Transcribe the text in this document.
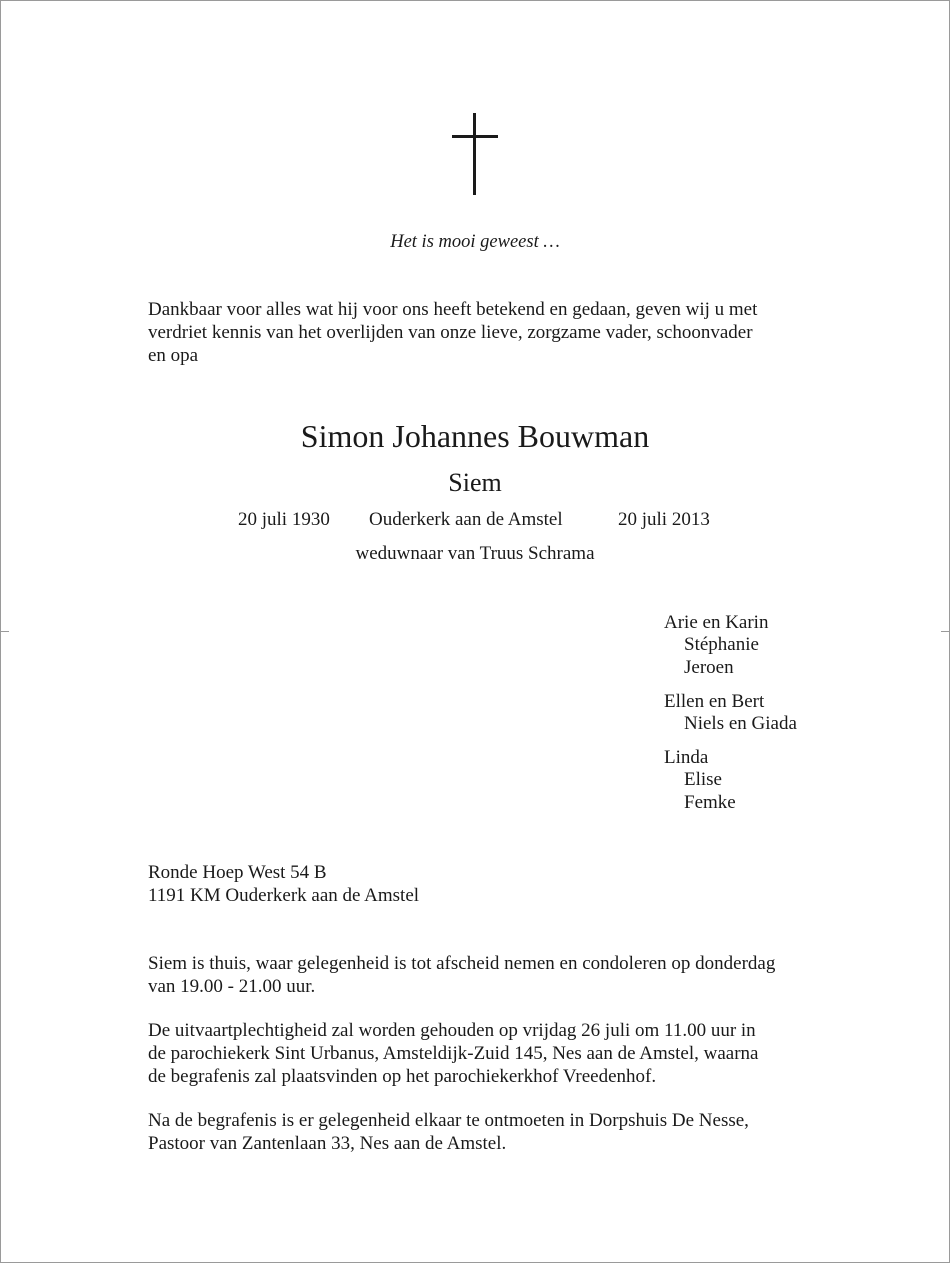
Het is mooi geweest …
Dankbaar voor alles wat hij voor ons heeft betekend en gedaan, geven wij u met
verdriet kennis van het overlijden van onze lieve, zorgzame vader, schoonvader
en opa
Simon Johannes Bouwman
Siem
20 juli 1930 Ouderkerk aan de Amstel	20 juli 2013
weduwnaar van Truus Schrama
Arie en Karin
Stéphanie
Jeroen
Ellen en Bert
Niels en Giada
Linda
Elise
Femke
Ronde Hoep West 54 B
1191 KM Ouderkerk aan de Amstel
Siem is thuis, waar gelegenheid is tot afscheid nemen en condoleren op donderdag
van 19.00 - 21.00 uur.
De uitvaartplechtigheid zal worden gehouden op vrijdag 26 juli om 11.00 uur in
de parochiekerk Sint Urbanus, Amsteldijk-Zuid 145, Nes aan de Amstel, waarna
de begrafenis zal plaatsvinden op het parochiekerkhof Vreedenhof.
Na de begrafenis is er gelegenheid elkaar te ontmoeten in Dorpshuis De Nesse,
Pastoor van Zantenlaan 33, Nes aan de Amstel.
